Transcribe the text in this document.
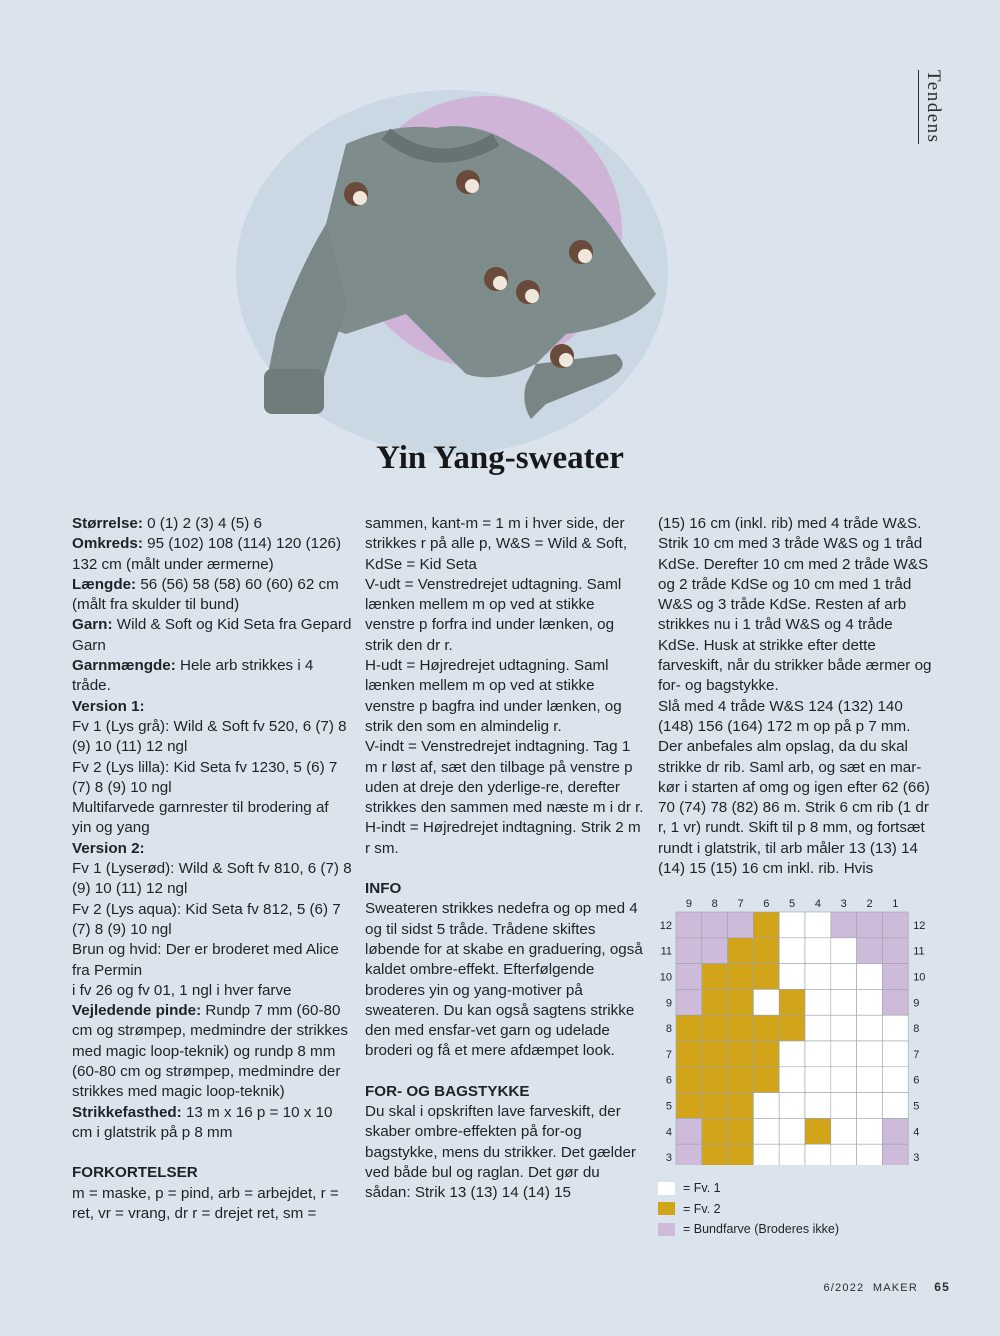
Tendens
Yin Yang-sweater

Størrelse: 0 (1) 2 (3) 4 (5) 6

Omkreds: 95 (102) 108 (114) 120 (126) 132 cm (målt under ærmerne)

Længde: 56 (56) 58 (58) 60 (60) 62 cm (målt fra skulder til bund)

Garn: Wild & Soft og Kid Seta fra Gepard Garn

Garnmængde: Hele arb strikkes i 4 tråde.

Version 1:

Fv 1 (Lys grå): Wild & Soft fv 520, 6 (7) 8 (9) 10 (11) 12 ngl

Fv 2 (Lys lilla): Kid Seta fv 1230, 5 (6) 7 (7) 8 (9) 10 ngl

Multifarvede garnrester til brodering af yin og yang

Version 2:

Fv 1 (Lyserød): Wild & Soft fv 810, 6 (7) 8 (9) 10 (11) 12 ngl

Fv 2 (Lys aqua): Kid Seta fv 812, 5 (6) 7 (7) 8 (9) 10 ngl

Brun og hvid: Der er broderet med Alice fra Permin

i fv 26 og fv 01, 1 ngl i hver farve

Vejledende pinde: Rundp 7 mm (60-80 cm og strømpep, medmindre der strikkes med magic loop-teknik) og rundp 8 mm (60-80 cm og strømpep, medmindre der strikkes med magic loop-teknik)

Strikkefasthed: 13 m x 16 p = 10 x 10 cm i glatstrik på p 8 mm

FORKORTELSER

m = maske, p = pind, arb = arbejdet, r = ret, vr = vrang, dr r = drejet ret, sm =

sammen, kant-m = 1 m i hver side, der strikkes r på alle p, W&S = Wild & Soft, KdSe = Kid Seta

V-udt = Venstredrejet udtagning. Saml lænken mellem m op ved at stikke venstre p forfra ind under lænken, og strik den dr r.

H-udt = Højredrejet udtagning. Saml lænken mellem m op ved at stikke venstre p bagfra ind under lænken, og strik den som en almindelig r.

V-indt = Venstredrejet indtagning. Tag 1 m r løst af, sæt den tilbage på venstre p uden at dreje den yderlige-re, derefter strikkes den sammen med næste m i dr r.

H-indt = Højredrejet indtagning. Strik 2 m r sm.

INFO

Sweateren strikkes nedefra og op med 4 og til sidst 5 tråde. Trådene skiftes løbende for at skabe en graduering, også kaldet ombre-effekt. Efterfølgende broderes yin og yang-motiver på sweateren. Du kan også sagtens strikke den med ensfar-vet garn og udelade broderi og få et mere afdæmpet look.

FOR- OG BAGSTYKKE

Du skal i opskriften lave farveskift, der skaber ombre-effekten på for-og bagstykke, mens du strikker. Det gælder ved både bul og raglan. Det gør du sådan: Strik 13 (13) 14 (14) 15

(15) 16 cm (inkl. rib) med 4 tråde W&S. Strik 10 cm med 3 tråde W&S og 1 tråd KdSe. Derefter 10 cm med 2 tråde W&S og 2 tråde KdSe og 10 cm med 1 tråd W&S og 3 tråde KdSe. Resten af arb strikkes nu i 1 tråd W&S og 4 tråde KdSe. Husk at strikke efter dette farveskift, når du strikker både ærmer og for- og bagstykke.

Slå med 4 tråde W&S 124 (132) 140 (148) 156 (164) 172 m op på p 7 mm. Der anbefales alm opslag, da du skal strikke dr rib. Saml arb, og sæt en mar-kør i starten af omg og igen efter 62 (66) 70 (74) 78 (82) 86 m. Strik 6 cm rib (1 dr r, 1 vr) rundt. Skift til p 8 mm, og fortsæt rundt i glatstrik, til arb måler 13 (13) 14 (14) 15 (15) 16 cm inkl. rib. Hvis

9 8 7 6 5 4 3 2 1
12	12
11	11
10	10
9	9
8	8
7	7
6	6
5	5
4	4
3	3
= Fv. 1
= Fv. 2
= Bundfarve (Broderes ikke)
6/2022 MAKER 65
